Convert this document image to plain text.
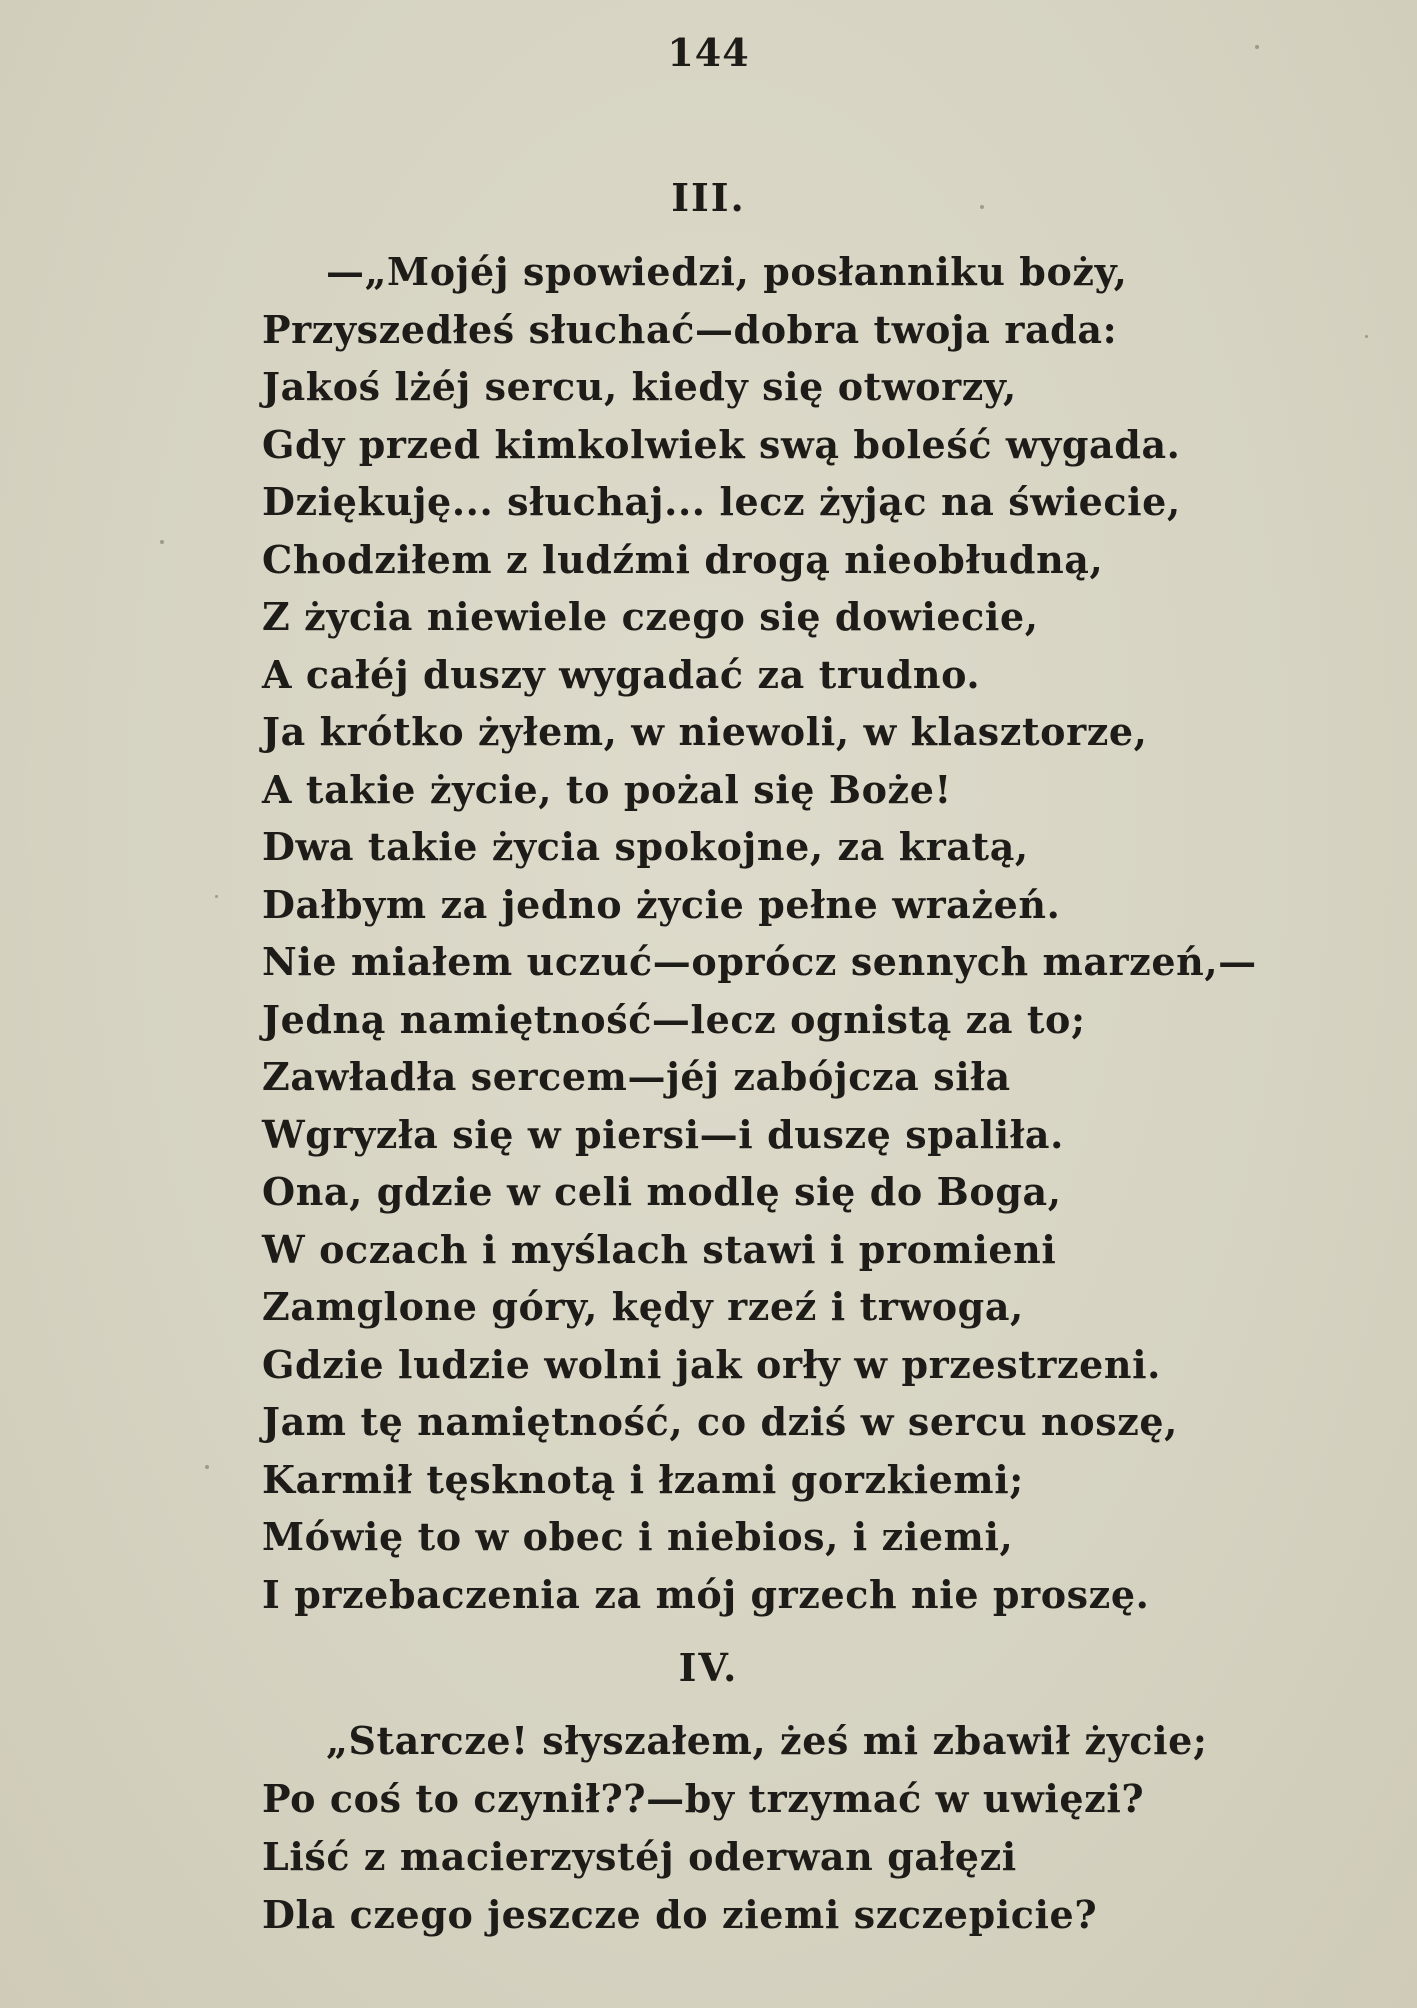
144
III.
—„Mojéj spowiedzi, posłanniku boży,
Przyszedłeś słuchać—dobra twoja rada:
Jakoś lżéj sercu, kiedy się otworzy,
Gdy przed kimkolwiek swą boleść wygada.
Dziękuję... słuchaj... lecz żyjąc na świecie,
Chodziłem z ludźmi drogą nieobłudną,
Z życia niewiele czego się dowiecie,
A całéj duszy wygadać za trudno.
Ja krótko żyłem, w niewoli, w klasztorze,
A takie życie, to pożal się Boże!
Dwa takie życia spokojne, za kratą,
Dałbym za jedno życie pełne wrażeń.
Nie miałem uczuć—oprócz sennych marzeń,—
Jedną namiętność—lecz ognistą za to;
Zawładła sercem—jéj zabójcza siła
Wgryzła się w piersi—i duszę spaliła.
Ona, gdzie w celi modlę się do Boga,
W oczach i myślach stawi i promieni
Zamglone góry, kędy rzeź i trwoga,
Gdzie ludzie wolni jak orły w przestrzeni.
Jam tę namiętność, co dziś w sercu noszę,
Karmił tęsknotą i łzami gorzkiemi;
Mówię to w obec i niebios, i ziemi,
I przebaczenia za mój grzech nie proszę.
IV.
„Starcze! słyszałem, żeś mi zbawił życie;
Po coś to czynił??—by trzymać w uwięzi?
Liść z macierzystéj oderwan gałęzi
Dla czego jeszcze do ziemi szczepicie?
